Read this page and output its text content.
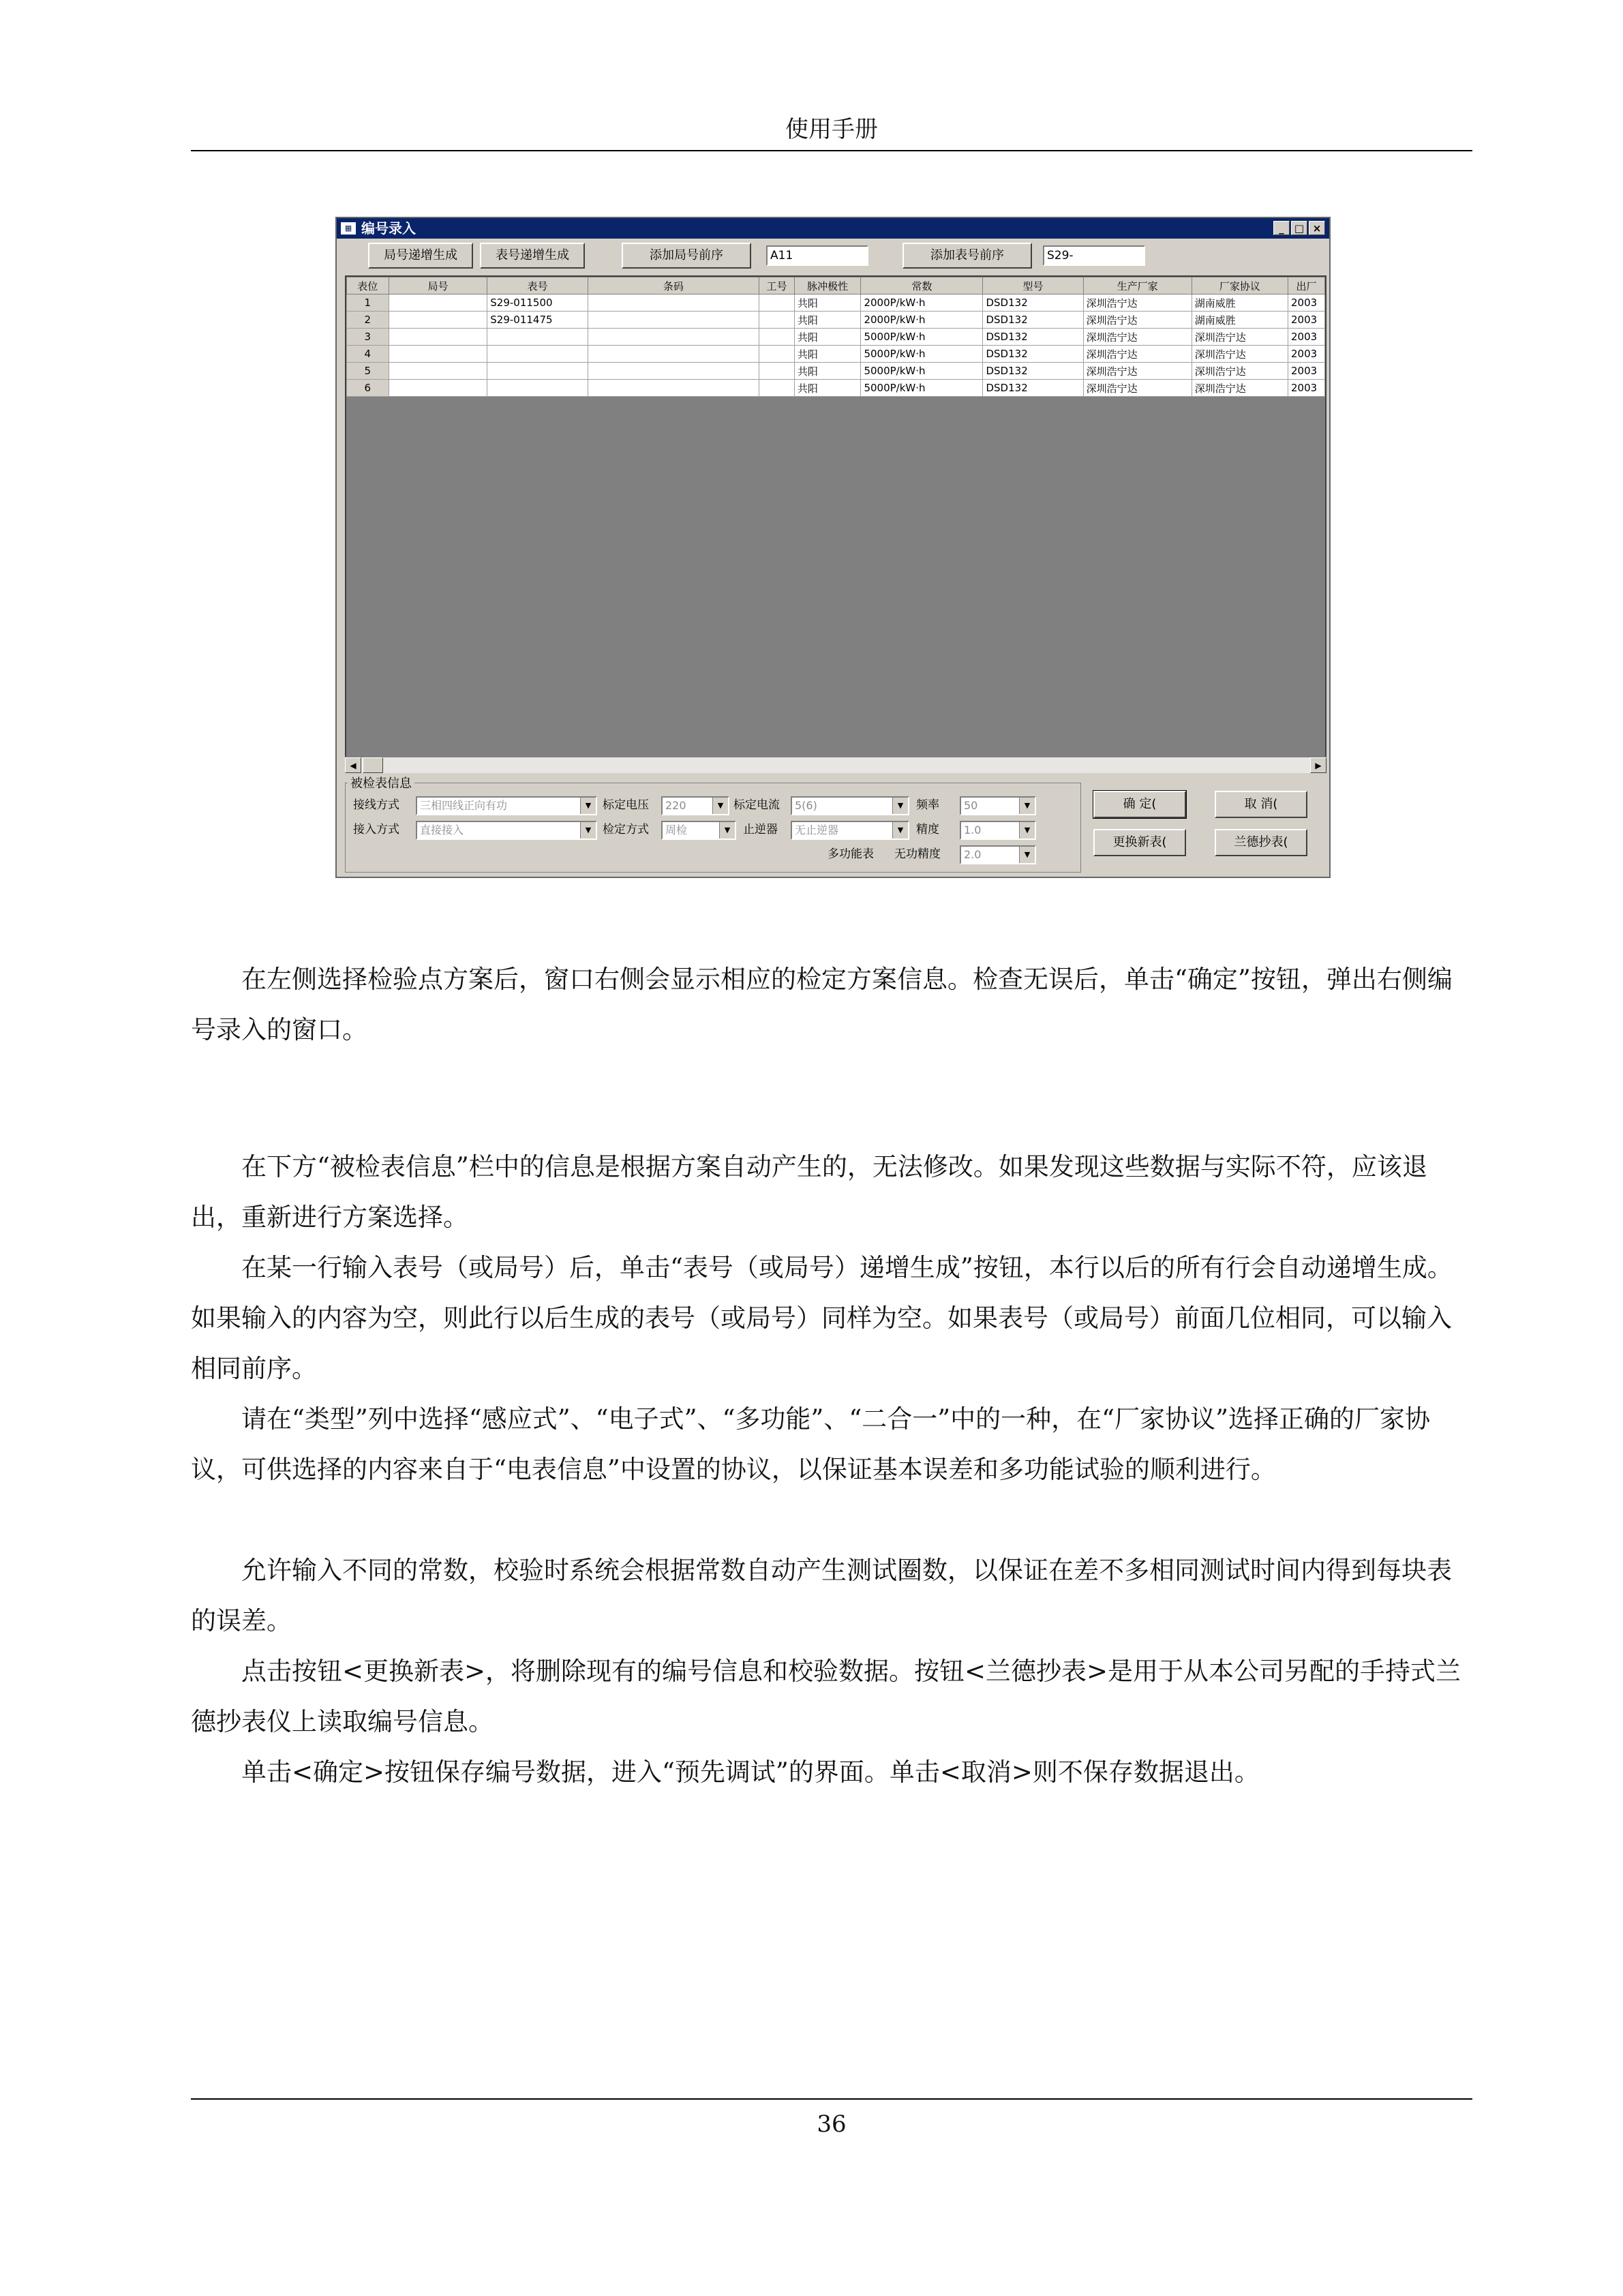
使用手册
▦ 编号录入	_	□ ×
局号递增生成	表号递增生成	添加局号前序	A11	添加表号前序	S29-
表位	局号	表号	条码	工号	脉冲极性	常数	型号	生产厂家	厂家协议	出厂
1		S29-011500			共阳	2000P/kW·h	DSD132	深圳浩宁达	湖南威胜	2003
2		S29-011475			共阳	2000P/kW·h	DSD132	深圳浩宁达	湖南威胜	2003
3					共阳	5000P/kW·h	DSD132	深圳浩宁达	深圳浩宁达	2003
4					共阳	5000P/kW·h	DSD132	深圳浩宁达	深圳浩宁达	2003
5					共阳	5000P/kW·h	DSD132	深圳浩宁达	深圳浩宁达	2003
6					共阳	5000P/kW·h	DSD132	深圳浩宁达	深圳浩宁达	2003
◀	▶
被检表信息
接线方式	三相四线正向有功	▼ 标定电压	220	▼ 标定电流	5(6)	▼	频率	50	▼
接入方式	直接接入	▼ 检定方式	周检	▼	止逆器	无止逆器	▼	精度	1.0	▼
多功能表 无功精度	2.0	▼
确 定(	取 消(
更换新表(	兰德抄表(

在左侧选择检验点方案后，窗口右侧会显示相应的检定方案信息。检查无误后，单击“确定”按钮，弹出右侧编号录入的窗口。

在下方“被检表信息”栏中的信息是根据方案自动产生的，无法修改。如果发现这些数据与实际不符，应该退出，重新进行方案选择。

在某一行输入表号（或局号）后，单击“表号（或局号）递增生成”按钮，本行以后的所有行会自动递增生成。如果输入的内容为空，则此行以后生成的表号（或局号）同样为空。如果表号（或局号）前面几位相同，可以输入相同前序。

请在“类型”列中选择“感应式”、“电子式”、“多功能”、“二合一”中的一种，在“厂家协议”选择正确的厂家协议，可供选择的内容来自于“电表信息”中设置的协议，以保证基本误差和多功能试验的顺利进行。

允许输入不同的常数，校验时系统会根据常数自动产生测试圈数，以保证在差不多相同测试时间内得到每块表的误差。

点击按钮<更换新表>，将删除现有的编号信息和校验数据。按钮<兰德抄表>是用于从本公司另配的手持式兰德抄表仪上读取编号信息。

单击<确定>按钮保存编号数据，进入“预先调试”的界面。单击<取消>则不保存数据退出。

36
